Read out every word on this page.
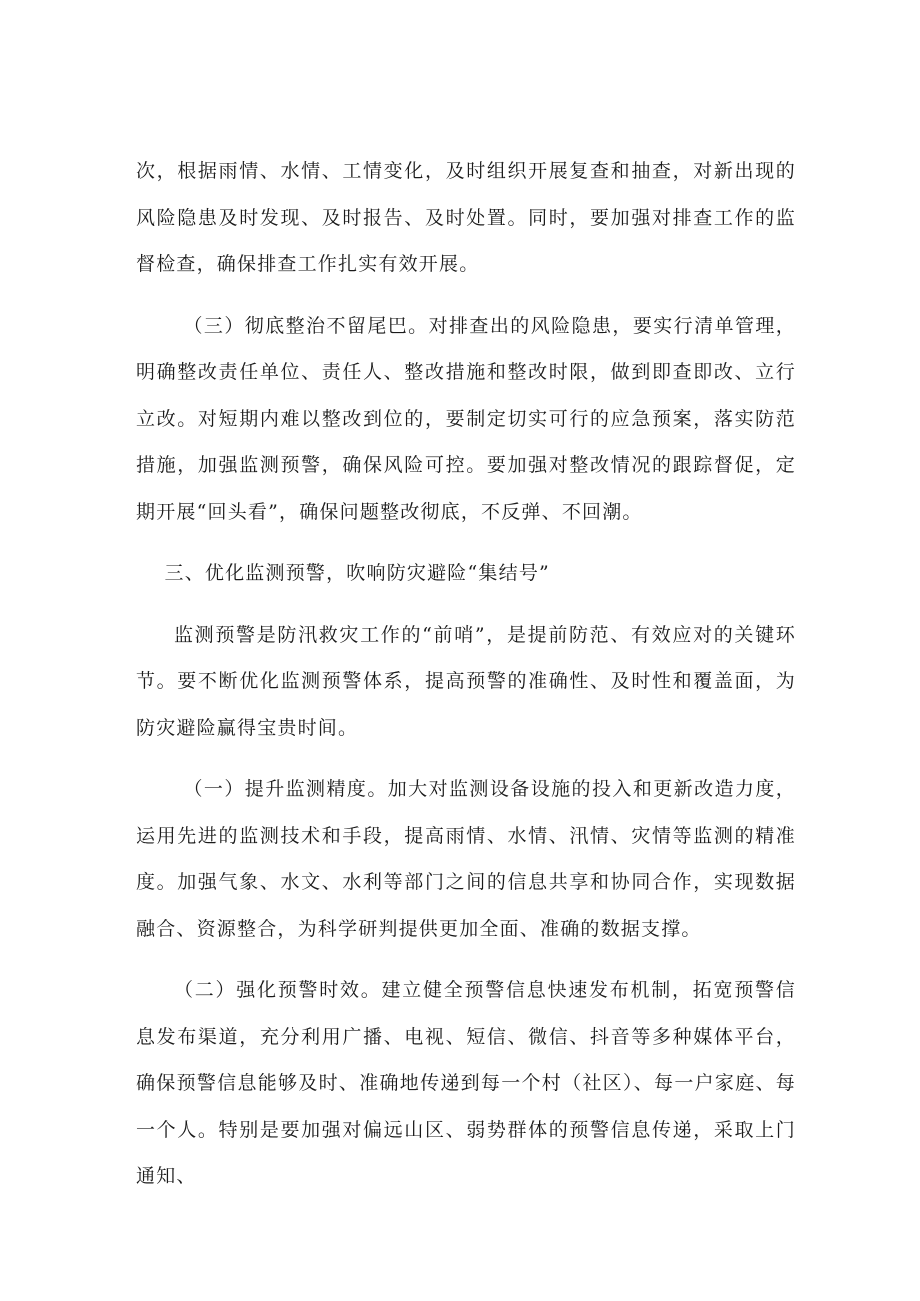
次，根据雨情、水情、工情变化，及时组织开展复查和抽查，对新出现的风险隐患及时发现、及时报告、及时处置。同时，要加强对排查工作的监督检查，确保排查工作扎实有效开展。

（三）彻底整治不留尾巴。对排查出的风险隐患，要实行清单管理，明确整改责任单位、责任人、整改措施和整改时限，做到即查即改、立行立改。对短期内难以整改到位的，要制定切实可行的应急预案，落实防范措施，加强监测预警，确保风险可控。要加强对整改情况的跟踪督促，定期开展“回头看”，确保问题整改彻底，不反弹、不回潮。

三、优化监测预警，吹响防灾避险“集结号”

监测预警是防汛救灾工作的“前哨”，是提前防范、有效应对的关键环节。要不断优化监测预警体系，提高预警的准确性、及时性和覆盖面，为防灾避险赢得宝贵时间。

（一）提升监测精度。加大对监测设备设施的投入和更新改造力度，运用先进的监测技术和手段，提高雨情、水情、汛情、灾情等监测的精准度。加强气象、水文、水利等部门之间的信息共享和协同合作，实现数据融合、资源整合，为科学研判提供更加全面、准确的数据支撑。

（二）强化预警时效。建立健全预警信息快速发布机制，拓宽预警信息发布渠道，充分利用广播、电视、短信、微信、抖音等多种媒体平台，确保预警信息能够及时、准确地传递到每一个村（社区）、每一户家庭、每一个人。特别是要加强对偏远山区、弱势群体的预警信息传递，采取上门通知、
